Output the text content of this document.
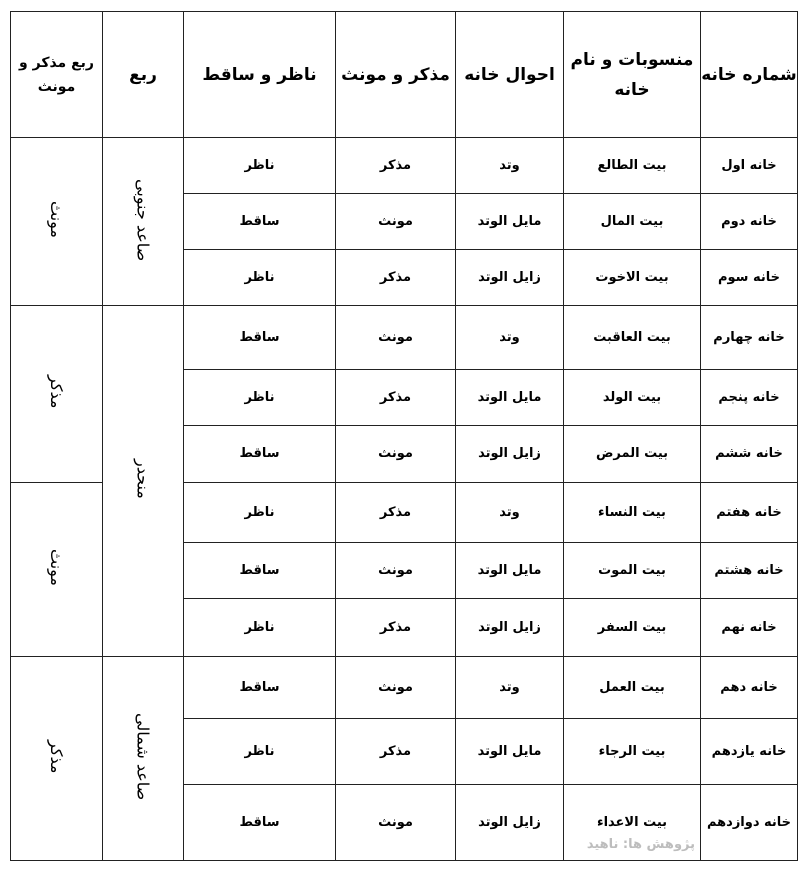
شماره خانه	منسوبات و نام خانه	احوال خانه	مذکر و مونث	ناظر و ساقط	ربع	ربع مذکر و مونث
خانه اول	بيت الطالع	وتد	مذکر	ناظر	صاعد جنوبی	مونث
خانه دوم	بيت المال	مايل الوتد	مونث	ساقط		
خانه سوم	بيت الاخوت	زايل الوتد	مذکر	ناظر		
خانه چهارم	بيت العاقبت	وتد	مونث	ساقط	منحدر	مذکر
خانه پنجم	بيت الولد	مايل الوتد	مذکر	ناظر		
خانه ششم	بيت المرض	زايل الوتد	مونث	ساقط		
خانه هفتم	بيت النساء	وتد	مذکر	ناظر		مونث
خانه هشتم	بيت الموت	مايل الوتد	مونث	ساقط		
خانه نهم	بيت السفر	زايل الوتد	مذکر	ناظر		
خانه دهم	بيت العمل	وتد	مونث	ساقط	صاعد شمالی	مذکر
خانه يازدهم	بيت الرجاء	مايل الوتد	مذکر	ناظر		
خانه دوازدهم	بيت الاعداء	زايل الوتد	مونث	ساقط		
پژوهش ها: ناهید
